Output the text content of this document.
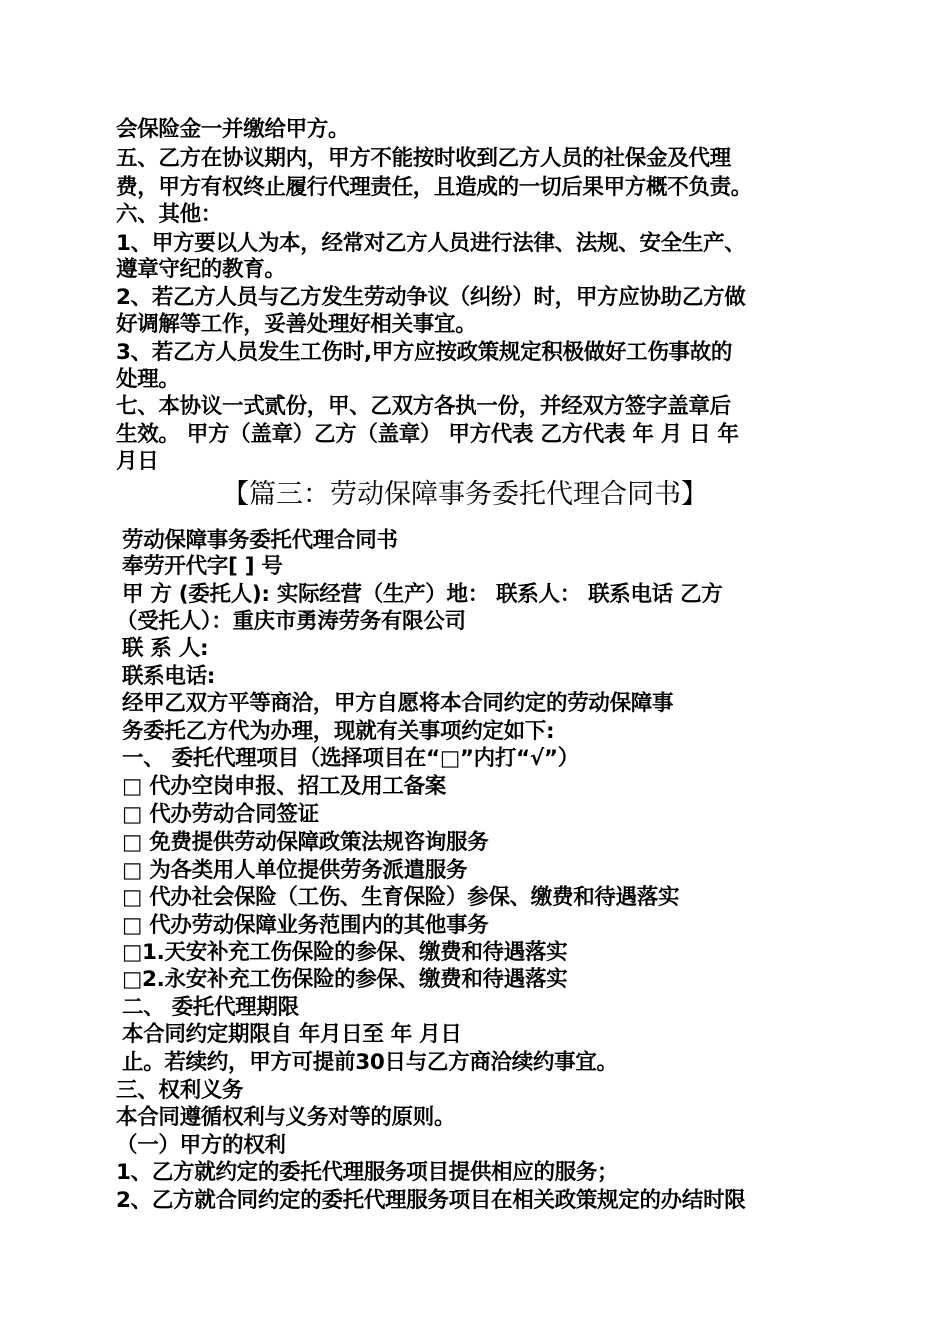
会保险金一并缴给甲方。
五、乙方在协议期内，甲方不能按时收到乙方人员的社保金及代理
费，甲方有权终止履行代理责任，且造成的一切后果甲方概不负责。
六、其他：
1、甲方要以人为本，经常对乙方人员进行法律、法规、安全生产、
遵章守纪的教育。
2、若乙方人员与乙方发生劳动争议（纠纷）时，甲方应协助乙方做
好调解等工作，妥善处理好相关事宜。
3、若乙方人员发生工伤时,甲方应按政策规定积极做好工伤事故的
处理。
七、本协议一式贰份，甲、乙双方各执一份，并经双方签字盖章后
生效。 甲方（盖章）乙方（盖章） 甲方代表 乙方代表 年 月 日 年
月日
【篇三：劳动保障事务委托代理合同书】
劳动保障事务委托代理合同书
奉劳开代字[ ] 号
甲 方 (委托人): 实际经营（生产）地： 联系人： 联系电话 乙方
（受托人）：重庆市勇涛劳务有限公司
联 系 人:
联系电话:
经甲乙双方平等商洽，甲方自愿将本合同约定的劳动保障事
务委托乙方代为办理，现就有关事项约定如下:
一、 委托代理项目（选择项目在“□”内打“√”）
□ 代办空岗申报、招工及用工备案
□ 代办劳动合同签证
□ 免费提供劳动保障政策法规咨询服务
□ 为各类用人单位提供劳务派遣服务
□ 代办社会保险（工伤、生育保险）参保、缴费和待遇落实
□ 代办劳动保障业务范围内的其他事务
□1.天安补充工伤保险的参保、缴费和待遇落实
□2.永安补充工伤保险的参保、缴费和待遇落实
二、 委托代理期限
本合同约定期限自 年月日至 年 月日
止。若续约，甲方可提前30日与乙方商洽续约事宜。
三、权利义务
本合同遵循权利与义务对等的原则。
（一）甲方的权利
1、乙方就约定的委托代理服务项目提供相应的服务；
2、乙方就合同约定的委托代理服务项目在相关政策规定的办结时限
